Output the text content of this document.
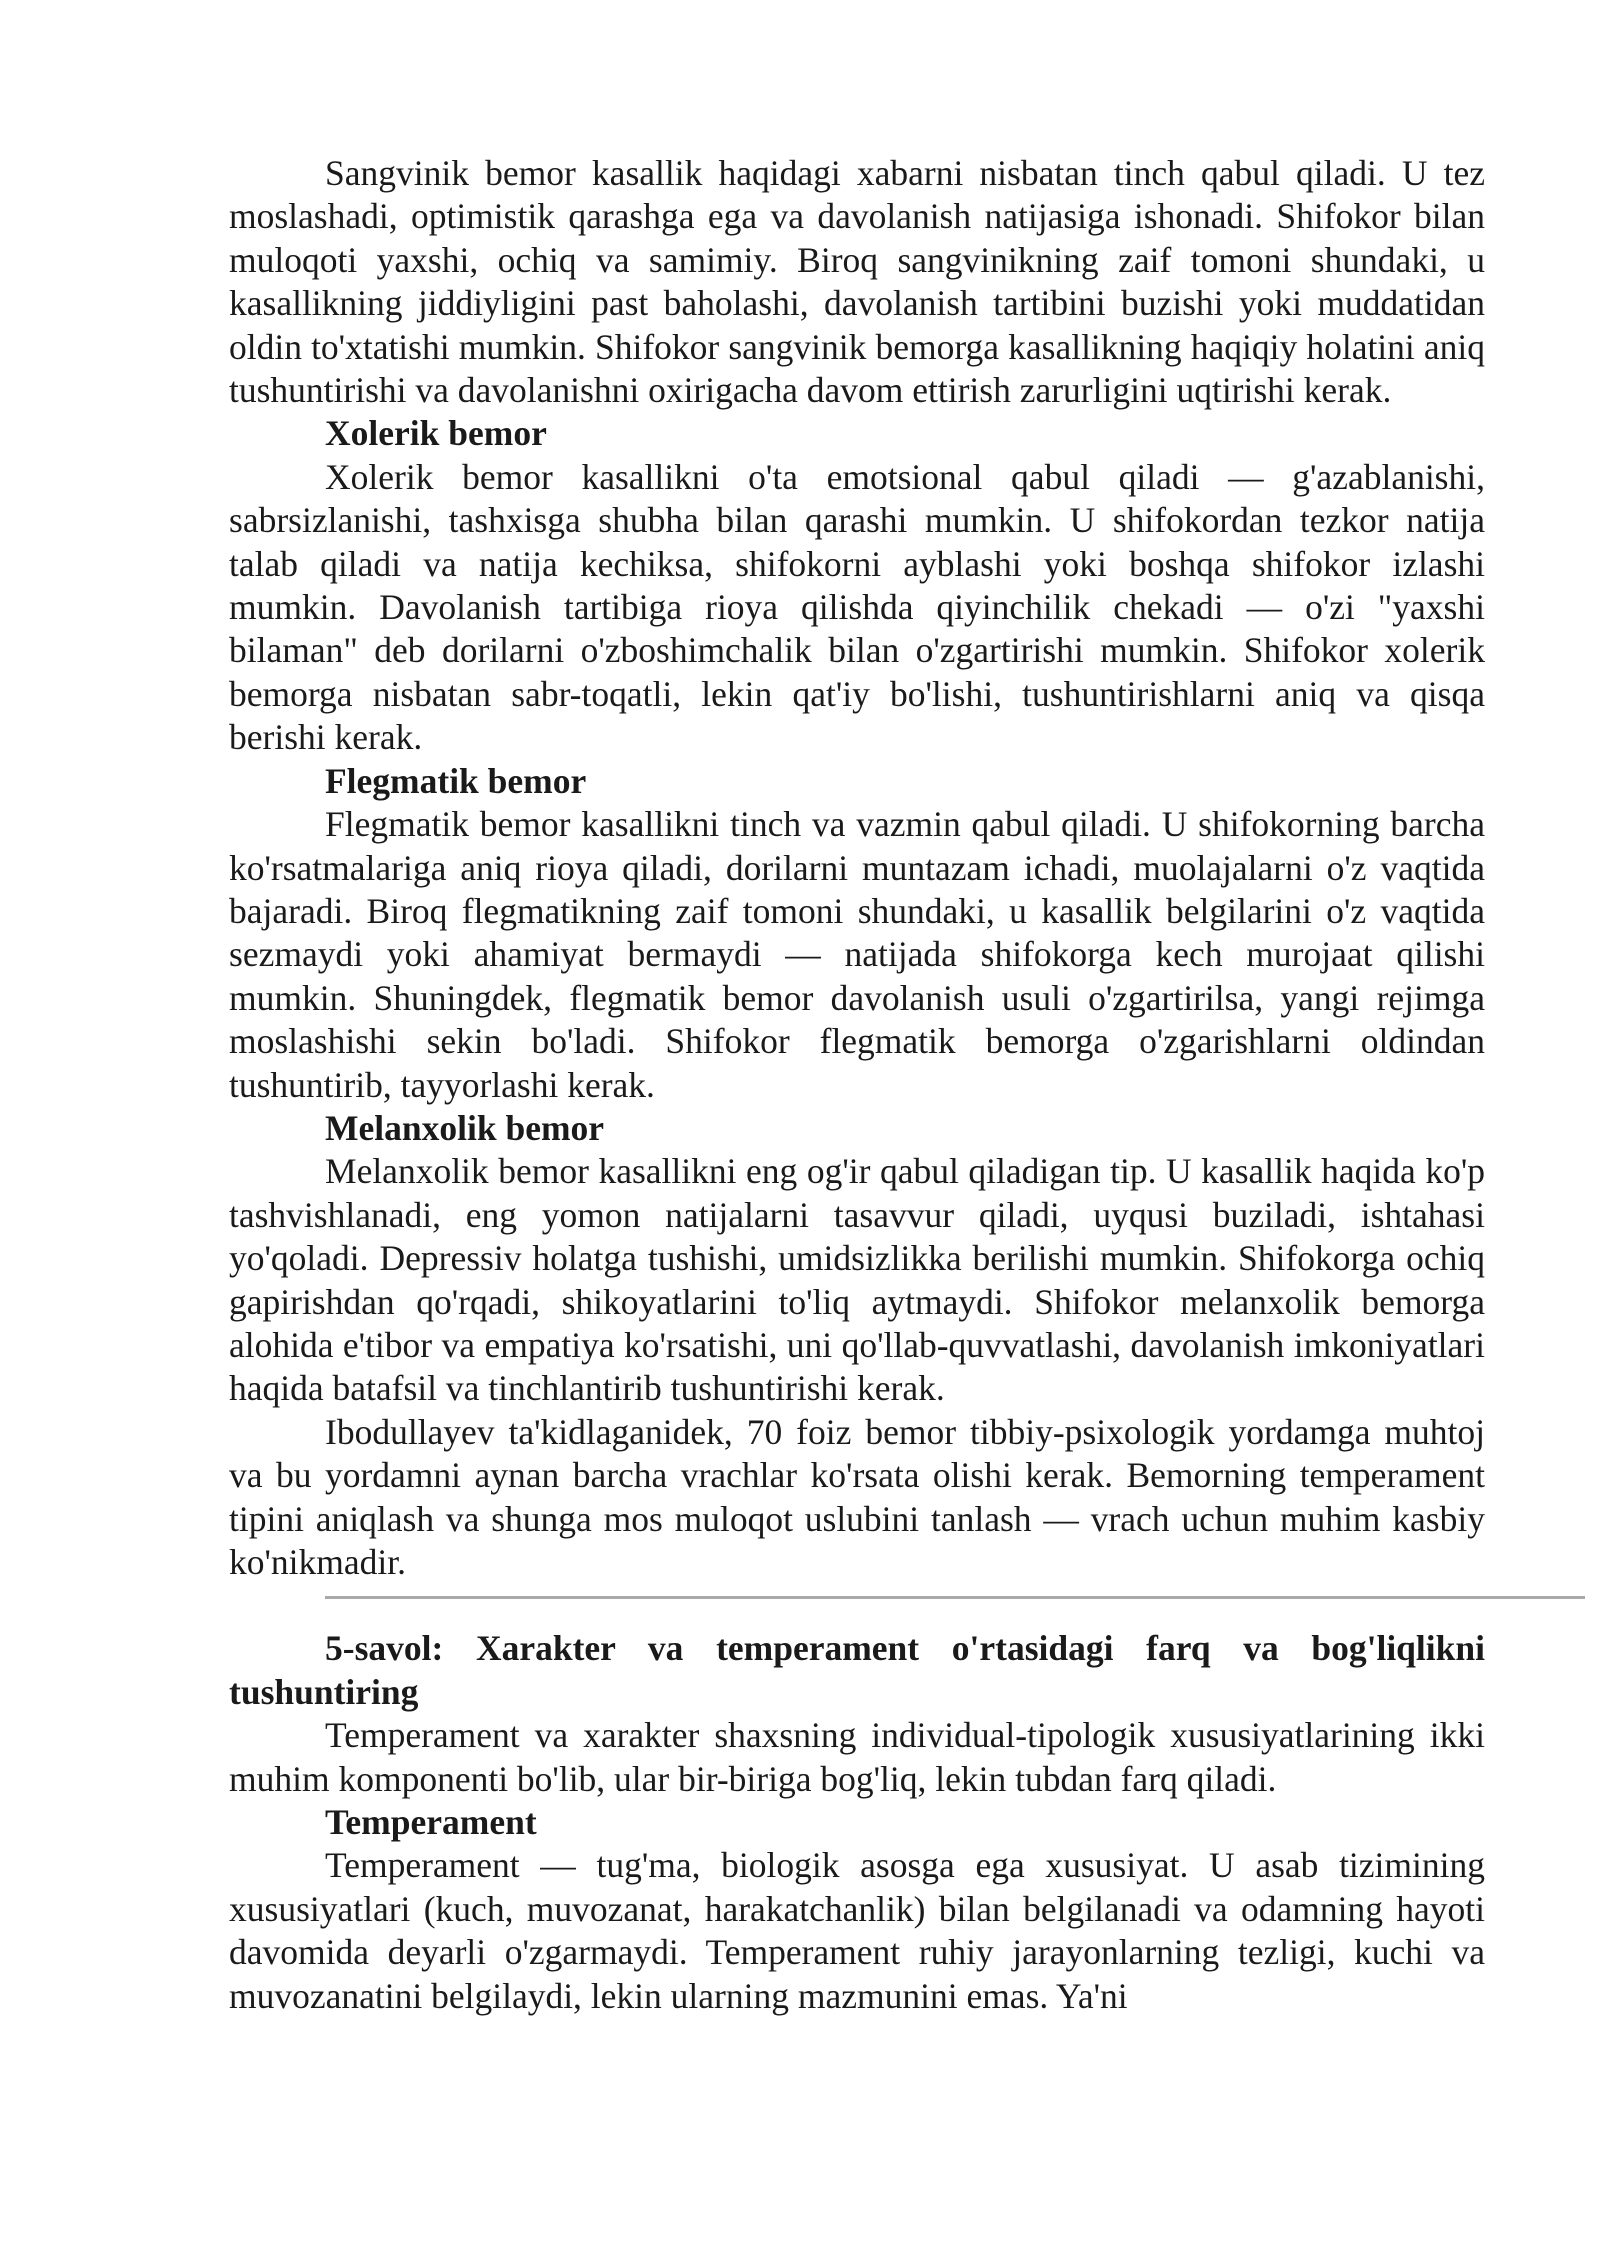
Sangvinik bemor kasallik haqidagi xabarni nisbatan tinch qabul qiladi. U tez moslashadi, optimistik qarashga ega va davolanish natijasiga ishonadi. Shifokor bilan muloqoti yaxshi, ochiq va samimiy. Biroq sangvinikning zaif tomoni shundaki, u kasallikning jiddiyligini past baholashi, davolanish tartibini buzishi yoki muddatidan oldin to'xtatishi mumkin. Shifokor sangvinik bemorga kasallikning haqiqiy holatini aniq tushuntirishi va davolanishni oxirigacha davom ettirish zarurligini uqtirishi kerak.

Xolerik bemor

Xolerik bemor kasallikni o'ta emotsional qabul qiladi — g'azablanishi, sabrsizlanishi, tashxisga shubha bilan qarashi mumkin. U shifokordan tezkor natija talab qiladi va natija kechiksa, shifokorni ayblashi yoki boshqa shifokor izlashi mumkin. Davolanish tartibiga rioya qilishda qiyinchilik chekadi — o'zi "yaxshi bilaman" deb dorilarni o'zboshimchalik bilan o'zgartirishi mumkin. Shifokor xolerik bemorga nisbatan sabr-toqatli, lekin qat'iy bo'lishi, tushuntirishlarni aniq va qisqa berishi kerak.

Flegmatik bemor

Flegmatik bemor kasallikni tinch va vazmin qabul qiladi. U shifokorning barcha ko'rsatmalariga aniq rioya qiladi, dorilarni muntazam ichadi, muolajalarni o'z vaqtida bajaradi. Biroq flegmatikning zaif tomoni shundaki, u kasallik belgilarini o'z vaqtida sezmaydi yoki ahamiyat bermaydi — natijada shifokorga kech murojaat qilishi mumkin. Shuningdek, flegmatik bemor davolanish usuli o'zgartirilsa, yangi rejimga moslashishi sekin bo'ladi. Shifokor flegmatik bemorga o'zgarishlarni oldindan tushuntirib, tayyorlashi kerak.

Melanxolik bemor

Melanxolik bemor kasallikni eng og'ir qabul qiladigan tip. U kasallik haqida ko'p tashvishlanadi, eng yomon natijalarni tasavvur qiladi, uyqusi buziladi, ishtahasi yo'qoladi. Depressiv holatga tushishi, umidsizlikka berilishi mumkin. Shifokorga ochiq gapirishdan qo'rqadi, shikoyatlarini to'liq aytmaydi. Shifokor melanxolik bemorga alohida e'tibor va empatiya ko'rsatishi, uni qo'llab-quvvatlashi, davolanish imkoniyatlari haqida batafsil va tinchlantirib tushuntirishi kerak.

Ibodullayev ta'kidlaganidek, 70 foiz bemor tibbiy-psixologik yordamga muhtoj va bu yordamni aynan barcha vrachlar ko'rsata olishi kerak. Bemorning temperament tipini aniqlash va shunga mos muloqot uslubini tanlash — vrach uchun muhim kasbiy ko'nikmadir.

5-savol: Xarakter va temperament o'rtasidagi farq va bog'liqlikni tushuntiring

Temperament va xarakter shaxsning individual-tipologik xususiyatlarining ikki muhim komponenti bo'lib, ular bir-biriga bog'liq, lekin tubdan farq qiladi.

Temperament

Temperament — tug'ma, biologik asosga ega xususiyat. U asab tizimining xususiyatlari (kuch, muvozanat, harakatchanlik) bilan belgilanadi va odamning hayoti davomida deyarli o'zgarmaydi. Temperament ruhiy jarayonlarning tezligi, kuchi va muvozanatini belgilaydi, lekin ularning mazmunini emas. Ya'ni
